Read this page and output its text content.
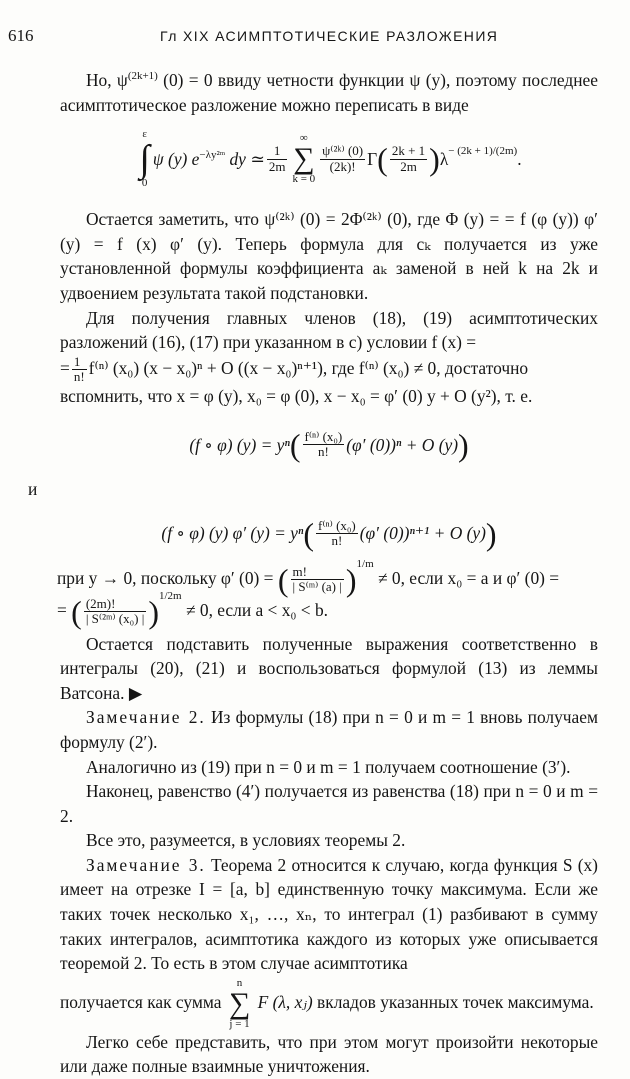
616	Гл XIX АСИМПТОТИЧЕСКИЕ РАЗЛОЖЕНИЯ

Но, $\psi^{(2k+1)}$ (0) = 0 ввиду четности функции ψ (y), поэтому последнее асимптотическое разложение можно переписать в виде

ε
∫
0
ψ (y) $e^{-\lambda y^2ᵐ}$
dy ≃ $\frac{1}{2m}$
∞
∑
k = 0
$\frac{\text{ψ⁽²ᵏ⁾ (0)}}{(2k)!}$ Γ ( $\frac{2k + 1}{2m}$ ) $\lambda^{- (2k + 1)/(2m)}$ .

Остается заметить, что ψ⁽²ᵏ⁾ (0) = 2Φ⁽²ᵏ⁾ (0), где Φ (y) = = f (φ (y)) φ′ (y) = f (x) φ′ (y). Теперь формула для cₖ получается из уже установленной формулы коэффициента aₖ заменой в ней k на 2k и удвоением результата такой подстановки.

Для получения главных членов (18), (19) асимптотических разложений (16), (17) при указанном в с) условии f (x) =

= $\frac{1}{n!} f^{(n)}$ (x₀) (x − x₀)ⁿ + O ((x − x₀)ⁿ⁺¹), где f⁽ⁿ⁾ (x₀) ≠ 0, достаточно

вспомнить, что x = φ (y), x₀ = φ (0), x − x₀ = φ′ (0) y + O (y²), т. е.

(f ∘ φ) (y) = yⁿ ( $\frac{\text{f⁽ⁿ⁾ (x₀)}}{n!} (\varphi'$ (0))ⁿ + O (y) )

и

(f ∘ φ) (y) φ′ (y) = yⁿ ( $\frac{\text{f⁽ⁿ⁾ (x₀)}}{n!} (\varphi'$ (0))ⁿ⁺¹ + O (y) )

при y → 0, поскольку φ′ (0) = ( $\frac{m!}{\text{| S⁽ᵐ⁾ (a) |}} )^{1/m} \ne 0$, если x₀ = a и φ′ (0) =

= ( $\frac{(2m)!}{\text{| S⁽²ᵐ⁾ (x₀) |}} )^{1/2m} \ne 0$, если a < x₀ < b.

Остается подставить полученные выражения соответственно в интегралы (20), (21) и воспользоваться формулой (13) из леммы Ватсона. ▶

Замечание 2. Из формулы (18) при n = 0 и m = 1 вновь получаем формулу (2′).

Аналогично из (19) при n = 0 и m = 1 получаем соотношение (3′).

Наконец, равенство (4′) получается из равенства (18) при n = 0 и m = 2.

Все это, разумеется, в условиях теоремы 2.

Замечание 3. Теорема 2 относится к случаю, когда функция S (x) имеет на отрезке I = [a, b] единственную точку максимума. Если же таких точек несколько x₁, …, xₙ, то интеграл (1) разбивают в сумму таких интегралов, асимптотика каждого из которых уже описывается теоремой 2. То есть в этом случае асимптотика

получается как сумма
n
∑
j = 1
F (λ, xⱼ) вкладов указанных точек максимума.

Легко себе представить, что при этом могут произойти некоторые или даже полные взаимные уничтожения.
